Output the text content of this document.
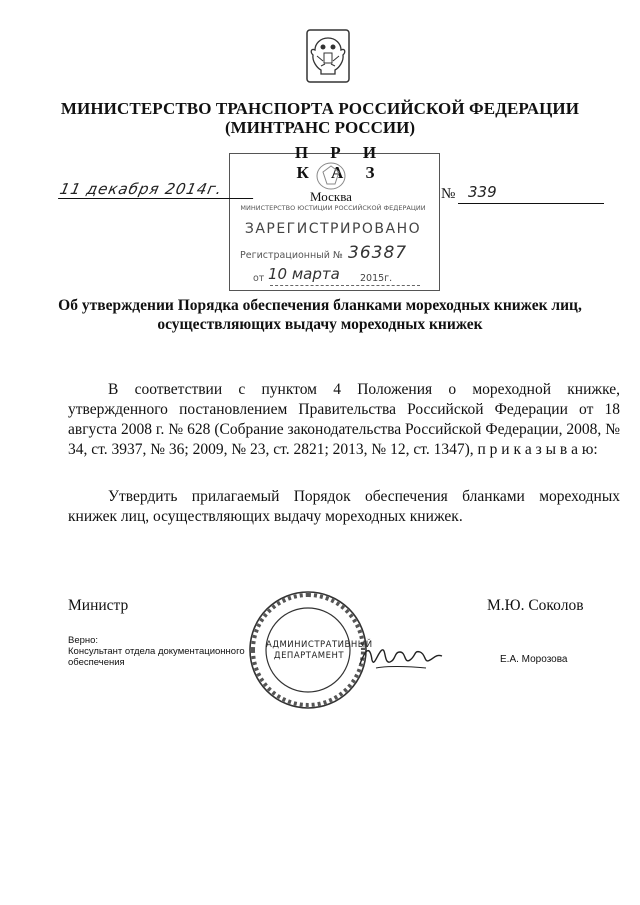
МИНИСТЕРСТВО ТРАНСПОРТА РОССИЙСКОЙ ФЕДЕРАЦИИ
(МИНТРАНС РОССИИ)
П Р И К А З
11 декабря 2014г.	Москва	№ 339
МИНИСТЕРСТВО ЮСТИЦИИ РОССИЙСКОЙ ФЕДЕРАЦИИ
ЗАРЕГИСТРИРОВАНО
Регистрационный № 36387
от 10 марта 2015г.
Об утверждении Порядка обеспечения бланками мореходных книжек лиц,
осуществляющих выдачу мореходных книжек
В соответствии с пунктом 4 Положения о мореходной книжке, утвержденного постановлением Правительства Российской Федерации от 18 августа 2008 г. № 628 (Собрание законодательства Российской Федерации, 2008, № 34, ст. 3937, № 36; 2009, № 23, ст. 2821; 2013, № 12, ст. 1347), п р и к а з ы в а ю:
Утвердить прилагаемый Порядок обеспечения бланками мореходных книжек лиц, осуществляющих выдачу мореходных книжек.
Министр	М.Ю. Соколов
Верно:
Консультант отдела документационного
обеспечения	Е.А. Морозова
АДМИНИСТРАТИВНЫЙ
ДЕПАРТАМЕНТ
